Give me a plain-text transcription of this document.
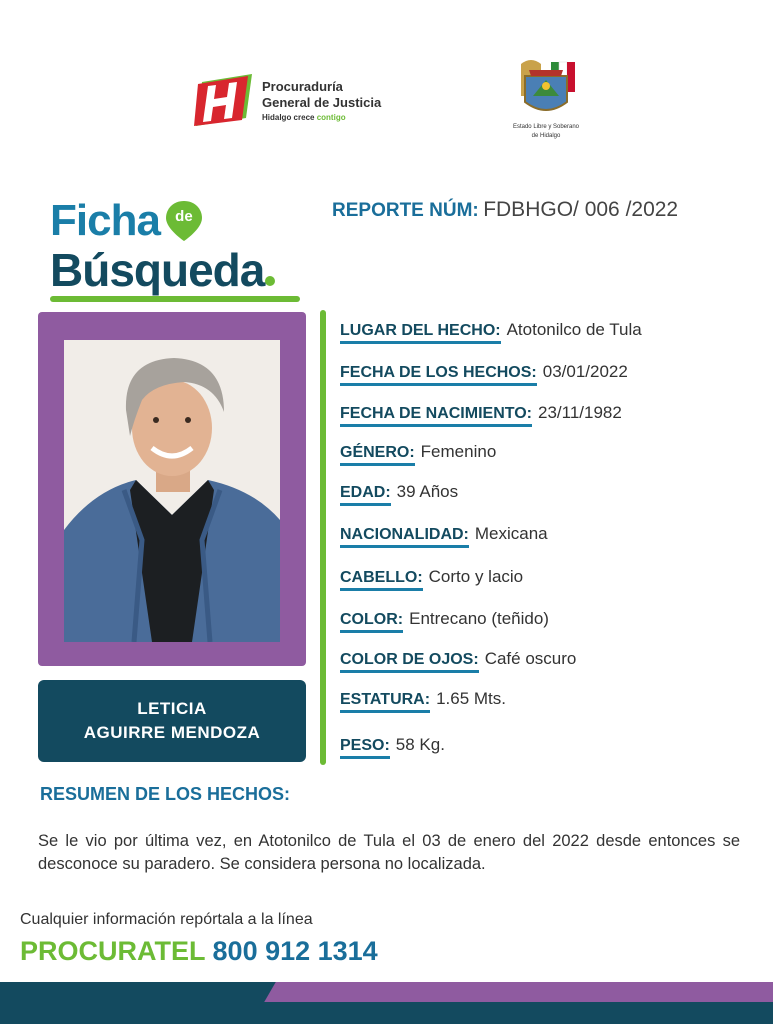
Procuraduría
General de Justicia
Hidalgo crece contigo
Estado Libre y Soberano
de Hidalgo
Ficha	de
Búsqueda
REPORTE NÚM: FDBHGO/ 006 /2022
LETICIA
AGUIRRE MENDOZA
LUGAR DEL HECHO: Atotonilco de Tula
FECHA DE LOS HECHOS: 03/01/2022
FECHA DE NACIMIENTO: 23/11/1982
GÉNERO: Femenino
EDAD: 39 Años
NACIONALIDAD: Mexicana
CABELLO: Corto y lacio
COLOR: Entrecano (teñido)
COLOR DE OJOS: Café oscuro
ESTATURA: 1.65 Mts.
PESO: 58 Kg.
RESUMEN DE LOS HECHOS:
Se le vio por última vez, en Atotonilco de Tula el 03 de enero del 2022 desde entonces se desconoce su paradero. Se considera persona no localizada.
Cualquier información repórtala a la línea
PROCURATEL 800 912 1314
